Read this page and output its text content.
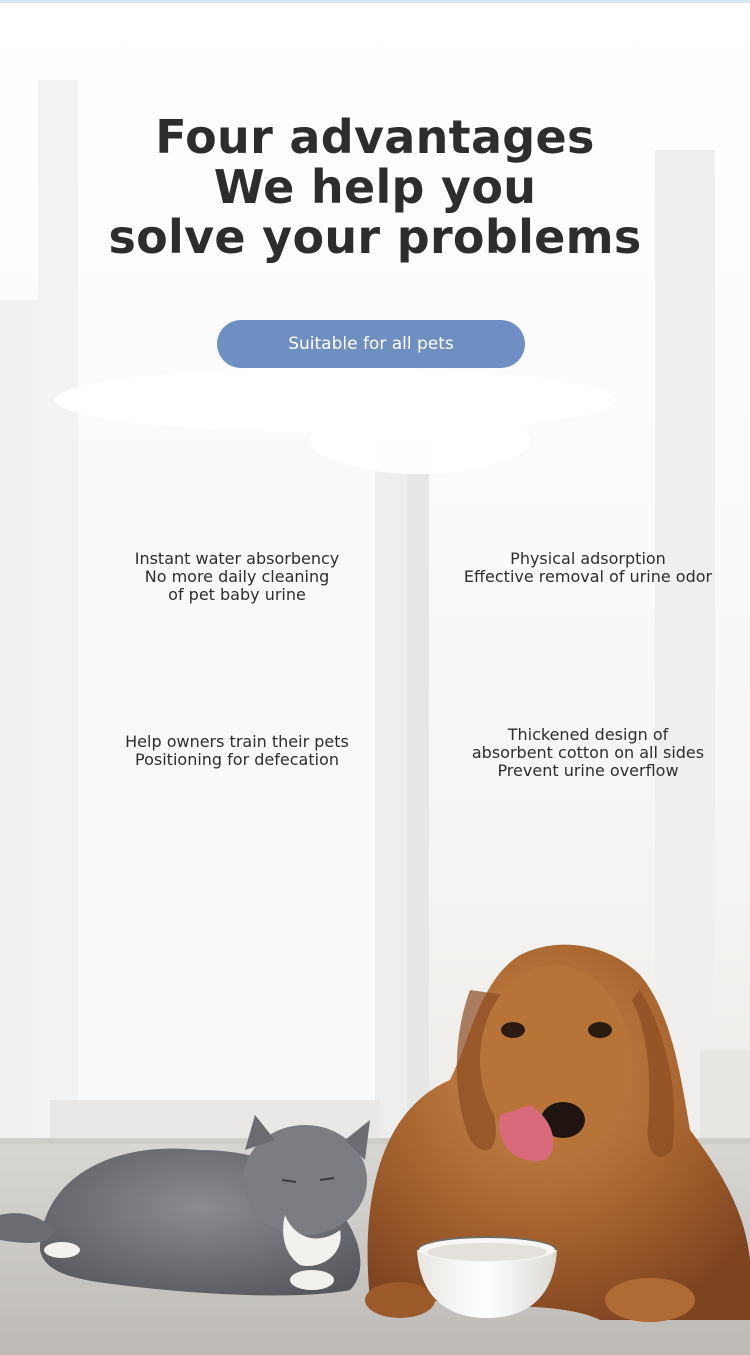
Four advantages
We help you
solve your problems
Suitable for all pets
Instant water absorbency
No more daily cleaning
of pet baby urine
Physical adsorption
Effective removal of urine odor
Help owners train their pets
Positioning for defecation
Thickened design of
absorbent cotton on all sides
Prevent urine overflow
